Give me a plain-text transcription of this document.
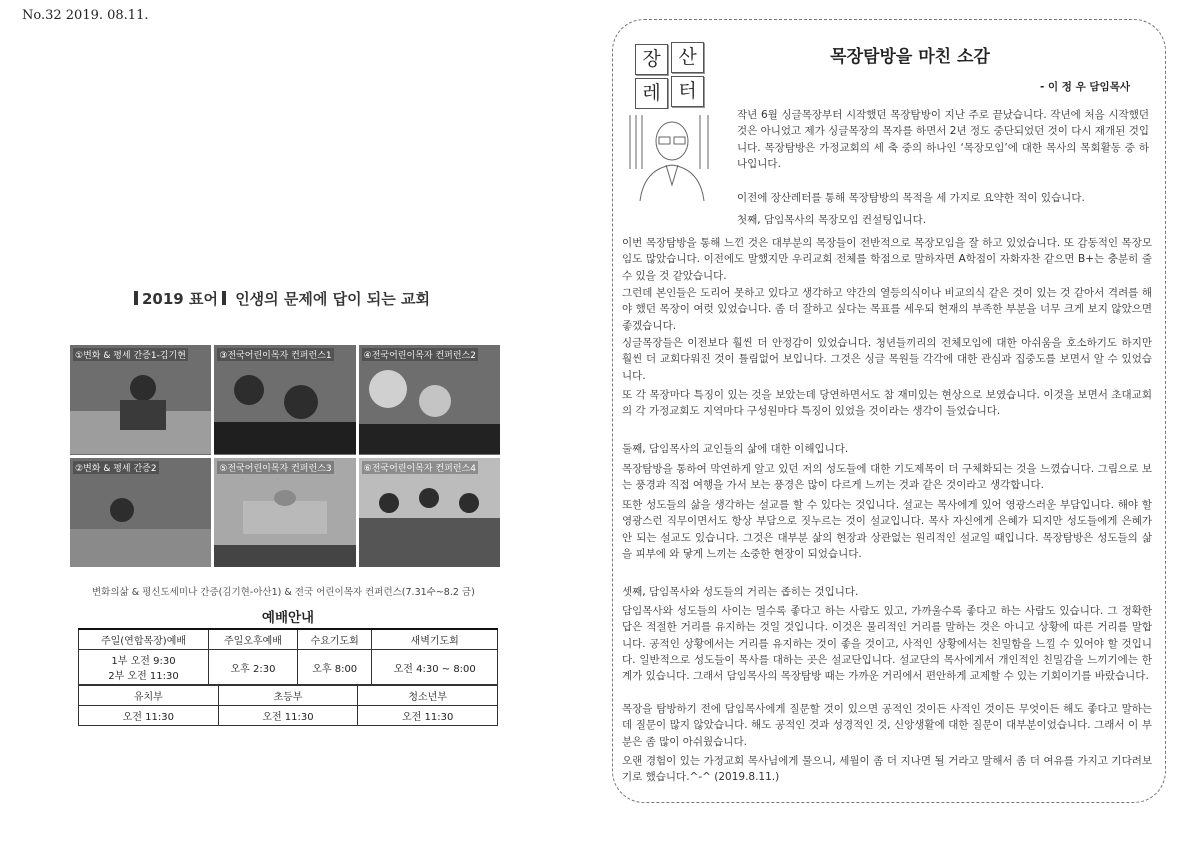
No.32 2019. 08.11.
2019 표어 인생의 문제에 답이 되는 교회
①변화 & 평세 간증1-김기현	③전국어린이목자 컨퍼런스1	④전국어린이목자 컨퍼런스2
②변화 & 평세 간증2	⑤전국어린이목자 컨퍼런스3	⑥전국어린이목자 컨퍼런스4
변화의삶 & 평신도세미나 간증(김기현-아산1) & 전국 어린이목자 컨퍼런스(7.31수~8.2 금)
예배안내
주일(연합목장)예배	주일오후예배	수요기도회	새벽기도회

1부 오전 9:30
2부 오전 11:30	오후 2:30	오후 8:00	오전 4:30 ~ 8:00
유치부	초등부	청소년부
오전 11:30	오전 11:30	오전 11:30
장 산
레 터
목장탐방을 마친 소감
- 이 정 우 담임목사

작년 6월 싱글목장부터 시작했던 목장탐방이 지난 주로 끝났습니다. 작년에 처음 시작했던 것은 아니었고 제가 싱글목장의 목자를 하면서 2년 정도 중단되었던 것이 다시 재개된 것입니다. 목장탐방은 가정교회의 세 축 중의 하나인 ‘목장모임’에 대한 목사의 목회활동 중 하나입니다.

이전에 장산레터를 통해 목장탐방의 목적을 세 가지로 요약한 적이 있습니다.

첫째, 담임목사의 목장모임 컨설팅입니다.

이번 목장탐방을 통해 느낀 것은 대부분의 목장들이 전반적으로 목장모임을 잘 하고 있었습니다. 또 감동적인 목장모임도 많았습니다. 이전에도 말했지만 우리교회 전체를 학점으로 말하자면 A학점이 자화자찬 같으면 B+는 충분히 줄 수 있을 것 같았습니다.

그런데 본인들은 도리어 못하고 있다고 생각하고 약간의 열등의식이나 비교의식 같은 것이 있는 것 같아서 격려를 해야 했던 목장이 여럿 있었습니다. 좀 더 잘하고 싶다는 목표를 세우되 현재의 부족한 부분을 너무 크게 보지 않았으면 좋겠습니다.

싱글목장들은 이전보다 훨씬 더 안정감이 있었습니다. 청년들끼리의 전체모임에 대한 아쉬움을 호소하기도 하지만 훨씬 더 교회다워진 것이 틀림없어 보입니다. 그것은 싱글 목원들 각각에 대한 관심과 집중도를 보면서 알 수 있었습니다.

또 각 목장마다 특징이 있는 것을 보았는데 당연하면서도 참 재미있는 현상으로 보였습니다. 이것을 보면서 초대교회의 각 가정교회도 지역마다 구성원마다 특징이 있었을 것이라는 생각이 들었습니다.

둘째, 담임목사의 교인들의 삶에 대한 이해입니다.

목장탐방을 통하여 막연하게 알고 있던 저의 성도들에 대한 기도제목이 더 구체화되는 것을 느꼈습니다. 그림으로 보는 풍경과 직접 여행을 가서 보는 풍경은 많이 다르게 느끼는 것과 같은 것이라고 생각합니다.

또한 성도들의 삶을 생각하는 설교를 할 수 있다는 것입니다. 설교는 목사에게 있어 영광스러운 부담입니다. 해야 할 영광스런 직무이면서도 항상 부담으로 짓누르는 것이 설교입니다. 목사 자신에게 은혜가 되지만 성도들에게 은혜가 안 되는 설교도 있습니다. 그것은 대부분 삶의 현장과 상관없는 원리적인 설교일 때입니다. 목장탐방은 성도들의 삶을 피부에 와 닿게 느끼는 소중한 현장이 되었습니다.

셋째, 담임목사와 성도들의 거리는 좁히는 것입니다.

담임목사와 성도들의 사이는 멀수록 좋다고 하는 사람도 있고, 가까울수록 좋다고 하는 사람도 있습니다. 그 정확한 답은 적절한 거리를 유지하는 것일 것입니다. 이것은 물리적인 거리를 말하는 것은 아니고 상황에 따른 거리를 말합니다. 공적인 상황에서는 거리를 유지하는 것이 좋을 것이고, 사적인 상황에서는 친밀함을 느낄 수 있어야 할 것입니다. 일반적으로 성도들이 목사를 대하는 곳은 설교단입니다. 설교단의 목사에게서 개인적인 친밀감을 느끼기에는 한계가 있습니다. 그래서 담임목사의 목장탐방 때는 가까운 거리에서 편안하게 교제할 수 있는 기회이기를 바랐습니다.

목장을 탐방하기 전에 담임목사에게 질문할 것이 있으면 공적인 것이든 사적인 것이든 무엇이든 해도 좋다고 말하는데 질문이 많지 않았습니다. 해도 공적인 것과 성경적인 것, 신앙생활에 대한 질문이 대부분이었습니다. 그래서 이 부분은 좀 많이 아쉬웠습니다.

오랜 경험이 있는 가정교회 목사님에게 물으니, 세월이 좀 더 지나면 될 거라고 말해서 좀 더 여유를 가지고 기다려보기로 했습니다.^-^ (2019.8.11.)
